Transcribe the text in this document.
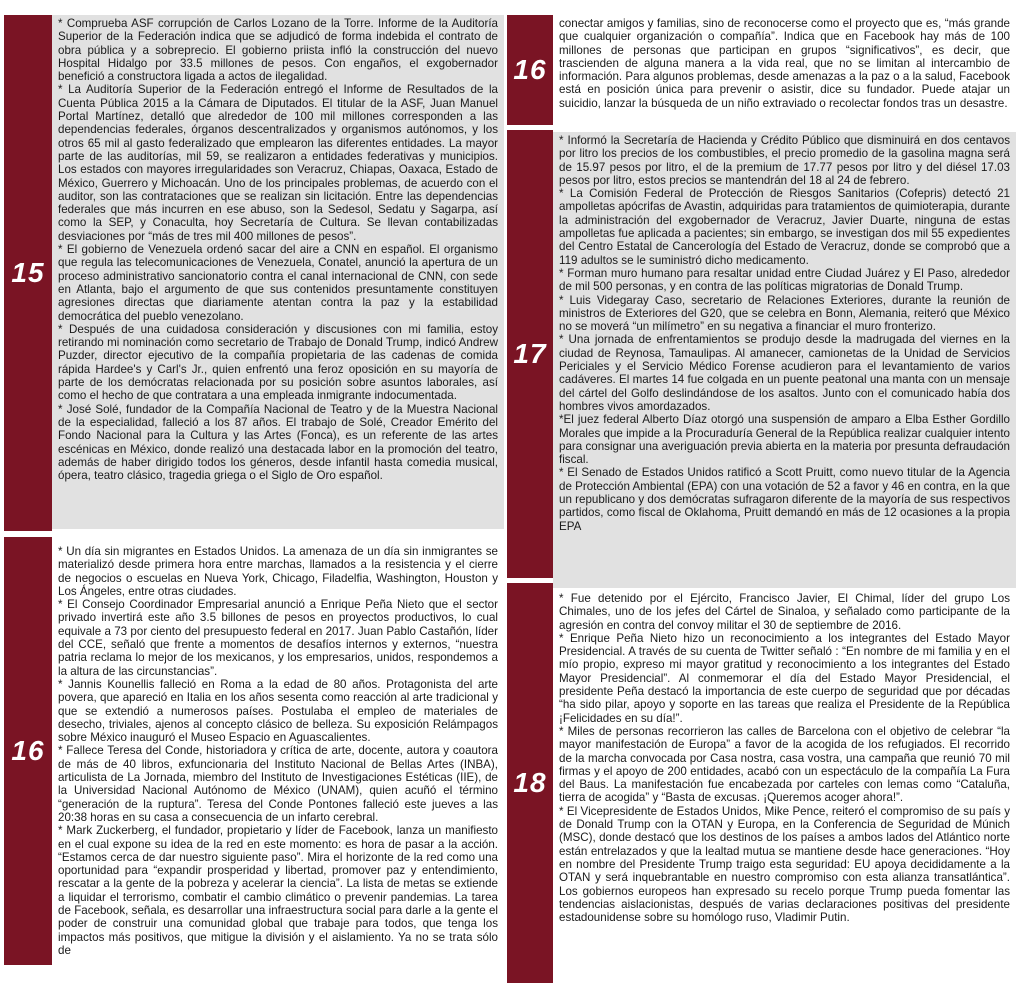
15
16

* Comprueba ASF corrupción de Carlos Lozano de la Torre. Informe de la Auditoría Superior de la Federación indica que se adjudicó de forma indebida el contrato de obra pública y a sobreprecio. El gobierno priista infló la construcción del nuevo Hospital Hidalgo por 33.5 millones de pesos. Con engaños, el exgobernador benefició a constructora ligada a actos de ilegalidad.

* La Auditoría Superior de la Federación entregó el Informe de Resultados de la Cuenta Pública 2015 a la Cámara de Diputados. El titular de la ASF, Juan Manuel Portal Martínez, detalló que alrededor de 100 mil millones corresponden a las dependencias federales, órganos descentralizados y organismos autónomos, y los otros 65 mil al gasto federalizado que emplearon las diferentes entidades. La mayor parte de las auditorías, mil 59, se realizaron a entidades federativas y municipios. Los estados con mayores irregularidades son Veracruz, Chiapas, Oaxaca, Estado de México, Guerrero y Michoacán. Uno de los principales problemas, de acuerdo con el auditor, son las contrataciones que se realizan sin licitación. Entre las dependencias federales que más incurren en ese abuso, son la Sedesol, Sedatu y Sagarpa, así como la SEP, y Conaculta, hoy Secretaría de Cultura. Se llevan contabilizadas desviaciones por “más de tres mil 400 millones de pesos”.

* El gobierno de Venezuela ordenó sacar del aire a CNN en español. El organismo que regula las telecomunicaciones de Venezuela, Conatel, anunció la apertura de un proceso administrativo sancionatorio contra el canal internacional de CNN, con sede en Atlanta, bajo el argumento de que sus contenidos presuntamente constituyen agresiones directas que diariamente atentan contra la paz y la estabilidad democrática del pueblo venezolano.

* Después de una cuidadosa consideración y discusiones con mi familia, estoy retirando mi nominación como secretario de Trabajo de Donald Trump, indicó Andrew Puzder, director ejecutivo de la compañía propietaria de las cadenas de comida rápida Hardee's y Carl's Jr., quien enfrentó una feroz oposición en su mayoría de parte de los demócratas relacionada por su posición sobre asuntos laborales, así como el hecho de que contratara a una empleada inmigrante indocumentada.

* José Solé, fundador de la Compañía Nacional de Teatro y de la Muestra Nacional de la especialidad, falleció a los 87 años. El trabajo de Solé, Creador Emérito del Fondo Nacional para la Cultura y las Artes (Fonca), es un referente de las artes escénicas en México, donde realizó una destacada labor en la promoción del teatro, además de haber dirigido todos los géneros, desde infantil hasta comedia musical, ópera, teatro clásico, tragedia griega o el Siglo de Oro español.

* Un día sin migrantes en Estados Unidos. La amenaza de un día sin inmigrantes se materializó desde primera hora entre marchas, llamados a la resistencia y el cierre de negocios o escuelas en Nueva York, Chicago, Filadelfia, Washington, Houston y Los Ángeles, entre otras ciudades.

* El Consejo Coordinador Empresarial anunció a Enrique Peña Nieto que el sector privado invertirá este año 3.5 billones de pesos en proyectos productivos, lo cual equivale a 73 por ciento del presupuesto federal en 2017. Juan Pablo Castañón, líder del CCE, señaló que frente a momentos de desafíos internos y externos, “nuestra patria reclama lo mejor de los mexicanos, y los empresarios, unidos, respondemos a la altura de las circunstancias”.

* Jannis Kounellis falleció en Roma a la edad de 80 años. Protagonista del arte povera, que apareció en Italia en los años sesenta como reacción al arte tradicional y que se extendió a numerosos países. Postulaba el empleo de materiales de desecho, triviales, ajenos al concepto clásico de belleza. Su exposición Relámpagos sobre México inauguró el Museo Espacio en Aguascalientes.

* Fallece Teresa del Conde, historiadora y crítica de arte, docente, autora y coautora de más de 40 libros, exfuncionaria del Instituto Nacional de Bellas Artes (INBA), articulista de La Jornada, miembro del Instituto de Investigaciones Estéticas (IIE), de la Universidad Nacional Autónomo de México (UNAM), quien acuñó el término “generación de la ruptura”. Teresa del Conde Pontones falleció este jueves a las 20:38 horas en su casa a consecuencia de un infarto cerebral.

* Mark Zuckerberg, el fundador, propietario y líder de Facebook, lanza un manifiesto en el cual expone su idea de la red en este momento: es hora de pasar a la acción. “Estamos cerca de dar nuestro siguiente paso”. Mira el horizonte de la red como una oportunidad para “expandir prosperidad y libertad, promover paz y entendimiento, rescatar a la gente de la pobreza y acelerar la ciencia”. La lista de metas se extiende a liquidar el terrorismo, combatir el cambio climático o prevenir pandemias. La tarea de Facebook, señala, es desarrollar una infraestructura social para darle a la gente el poder de construir una comunidad global que trabaje para todos, que tenga los impactos más positivos, que mitigue la división y el aislamiento. Ya no se trata sólo de

16
17
18

conectar amigos y familias, sino de reconocerse como el proyecto que es, “más grande que cualquier organización o compañía”. Indica que en Facebook hay más de 100 millones de personas que participan en grupos “significativos”, es decir, que trascienden de alguna manera a la vida real, que no se limitan al intercambio de información. Para algunos problemas, desde amenazas a la paz o a la salud, Facebook está en posición única para prevenir o asistir, dice su fundador. Puede atajar un suicidio, lanzar la búsqueda de un niño extraviado o recolectar fondos tras un desastre.

* Informó la Secretaría de Hacienda y Crédito Público que disminuirá en dos centavos por litro los precios de los combustibles, el precio promedio de la gasolina magna será de 15.97 pesos por litro, el de la premium de 17.77 pesos por litro y del diésel 17.03 pesos por litro, estos precios se mantendrán del 18 al 24 de febrero.

* La Comisión Federal de Protección de Riesgos Sanitarios (Cofepris) detectó 21 ampolletas apócrifas de Avastin, adquiridas para tratamientos de quimioterapia, durante la administración del exgobernador de Veracruz, Javier Duarte, ninguna de estas ampolletas fue aplicada a pacientes; sin embargo, se investigan dos mil 55 expedientes del Centro Estatal de Cancerología del Estado de Veracruz, donde se comprobó que a 119 adultos se le suministró dicho medicamento.

* Forman muro humano para resaltar unidad entre Ciudad Juárez y El Paso, alrededor de mil 500 personas, y en contra de las políticas migratorias de Donald Trump.

* Luis Videgaray Caso, secretario de Relaciones Exteriores, durante la reunión de ministros de Exteriores del G20, que se celebra en Bonn, Alemania, reiteró que México no se moverá “un milímetro” en su negativa a financiar el muro fronterizo.

* Una jornada de enfrentamientos se produjo desde la madrugada del viernes en la ciudad de Reynosa, Tamaulipas. Al amanecer, camionetas de la Unidad de Servicios Periciales y el Servicio Médico Forense acudieron para el levantamiento de varios cadáveres. El martes 14 fue colgada en un puente peatonal una manta con un mensaje del cártel del Golfo deslindándose de los asaltos. Junto con el comunicado había dos hombres vivos amordazados.

*El juez federal Alberto Díaz otorgó una suspensión de amparo a Elba Esther Gordillo Morales que impide a la Procuraduría General de la República realizar cualquier intento para consignar una averiguación previa abierta en la materia por presunta defraudación fiscal.

* El Senado de Estados Unidos ratificó a Scott Pruitt, como nuevo titular de la Agencia de Protección Ambiental (EPA) con una votación de 52 a favor y 46 en contra, en la que un republicano y dos demócratas sufragaron diferente de la mayoría de sus respectivos partidos, como fiscal de Oklahoma, Pruitt demandó en más de 12 ocasiones a la propia EPA

* Fue detenido por el Ejército, Francisco Javier, El Chimal, líder del grupo Los Chimales, uno de los jefes del Cártel de Sinaloa, y señalado como participante de la agresión en contra del convoy militar el 30 de septiembre de 2016.

* Enrique Peña Nieto hizo un reconocimiento a los integrantes del Estado Mayor Presidencial. A través de su cuenta de Twitter señaló : “En nombre de mi familia y en el mío propio, expreso mi mayor gratitud y reconocimiento a los integrantes del Estado Mayor Presidencial”. Al conmemorar el día del Estado Mayor Presidencial, el presidente Peña destacó la importancia de este cuerpo de seguridad que por décadas “ha sido pilar, apoyo y soporte en las tareas que realiza el Presidente de la República ¡Felicidades en su día!”.

* Miles de personas recorrieron las calles de Barcelona con el objetivo de celebrar “la mayor manifestación de Europa” a favor de la acogida de los refugiados. El recorrido de la marcha convocada por Casa nostra, casa vostra, una campaña que reunió 70 mil firmas y el apoyo de 200 entidades, acabó con un espectáculo de la compañía La Fura del Baus. La manifestación fue encabezada por carteles con lemas como “Cataluña, tierra de acogida” y “Basta de excusas. ¡Queremos acoger ahora!”.

* El Vicepresidente de Estados Unidos, Mike Pence, reiteró el compromiso de su país y de Donald Trump con la OTAN y Europa, en la Conferencia de Seguridad de Múnich (MSC), donde destacó que los destinos de los países a ambos lados del Atlántico norte están entrelazados y que la lealtad mutua se mantiene desde hace generaciones. “Hoy en nombre del Presidente Trump traigo esta seguridad: EU apoya decididamente a la OTAN y será inquebrantable en nuestro compromiso con esta alianza transatlántica”. Los gobiernos europeos han expresado su recelo porque Trump pueda fomentar las tendencias aislacionistas, después de varias declaraciones positivas del presidente estadounidense sobre su homólogo ruso, Vladimir Putin.
